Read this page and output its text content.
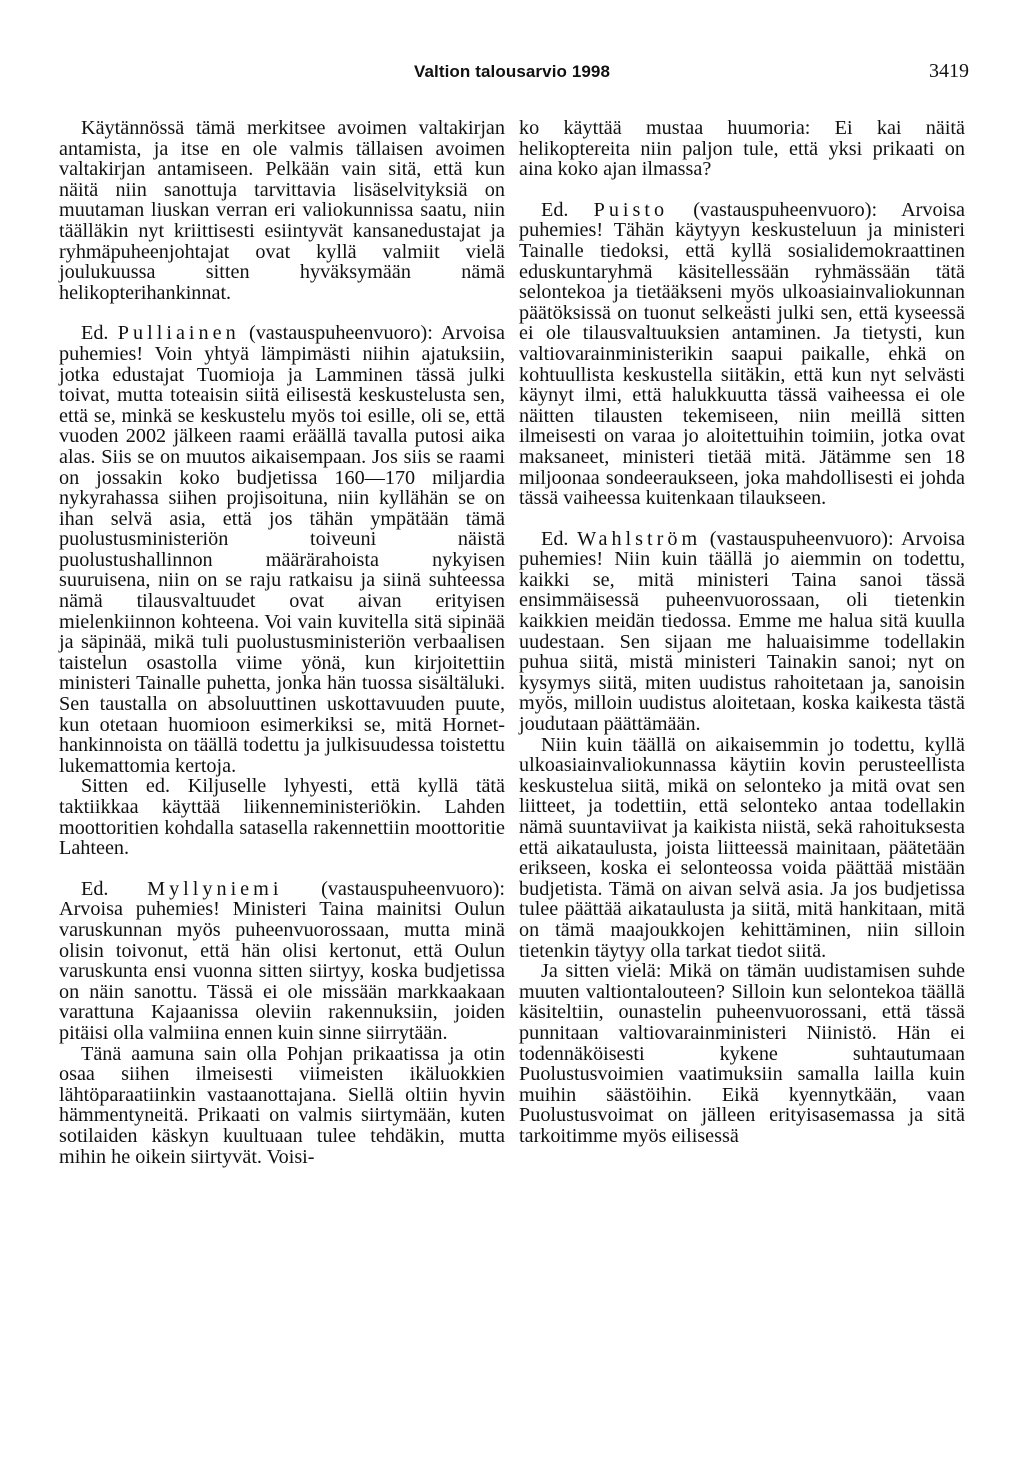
Valtion talousarvio 1998	3419

Käytännössä tämä merkitsee avoimen valtakirjan antamista, ja itse en ole valmis tällaisen avoimen valtakirjan antamiseen. Pelkään vain sitä, että kun näitä niin sanottuja tarvittavia lisäselvityksiä on muutaman liuskan verran eri valiokunnissa saatu, niin täälläkin nyt kriittisesti esiintyvät kansanedustajat ja ryhmäpuheenjohtajat ovat kyllä valmiit vielä joulukuussa sitten hyväksymään nämä helikopterihankinnat.

Ed. Pulliainen (vastauspuheenvuoro): Arvoisa puhemies! Voin yhtyä lämpimästi niihin ajatuksiin, jotka edustajat Tuomioja ja Lamminen tässä julki toivat, mutta toteaisin siitä eilisestä keskustelusta sen, että se, minkä se keskustelu myös toi esille, oli se, että vuoden 2002 jälkeen raami eräällä tavalla putosi aika alas. Siis se on muutos aikaisempaan. Jos siis se raami on jossakin koko budjetissa 160—170 miljardia nykyrahassa siihen projisoituna, niin kyllähän se on ihan selvä asia, että jos tähän ympätään tämä puolustusministeriön toiveuni näistä puolustushallinnon määrärahoista nykyisen suuruisena, niin on se raju ratkaisu ja siinä suhteessa nämä tilausvaltuudet ovat aivan erityisen mielenkiinnon kohteena. Voi vain kuvitella sitä sipinää ja säpinää, mikä tuli puolustusministeriön verbaalisen taistelun osastolla viime yönä, kun kirjoitettiin ministeri Tainalle puhetta, jonka hän tuossa sisältäluki. Sen taustalla on absoluuttinen uskottavuuden puute, kun otetaan huomioon esimerkiksi se, mitä Hornet-hankinnoista on täällä todettu ja julkisuudessa toistettu lukemattomia kertoja.

Sitten ed. Kiljuselle lyhyesti, että kyllä tätä taktiikkaa käyttää liikenneministeriökin. Lahden moottoritien kohdalla satasella rakennettiin moottoritie Lahteen.

Ed. Myllyniemi (vastauspuheenvuoro): Arvoisa puhemies! Ministeri Taina mainitsi Oulun varuskunnan myös puheenvuorossaan, mutta minä olisin toivonut, että hän olisi kertonut, että Oulun varuskunta ensi vuonna sitten siirtyy, koska budjetissa on näin sanottu. Tässä ei ole missään markkaakaan varattuna Kajaanissa oleviin rakennuksiin, joiden pitäisi olla valmiina ennen kuin sinne siirrytään.

Tänä aamuna sain olla Pohjan prikaatissa ja otin osaa siihen ilmeisesti viimeisten ikäluokkien lähtöparaatiinkin vastaanottajana. Siellä oltiin hyvin hämmentyneitä. Prikaati on valmis siirtymään, kuten sotilaiden käskyn kuultuaan tulee tehdäkin, mutta mihin he oikein siirtyvät. Voisi-

ko käyttää mustaa huumoria: Ei kai näitä helikoptereita niin paljon tule, että yksi prikaati on aina koko ajan ilmassa?

Ed. Puisto (vastauspuheenvuoro): Arvoisa puhemies! Tähän käytyyn keskusteluun ja ministeri Tainalle tiedoksi, että kyllä sosialidemokraattinen eduskuntaryhmä käsitellessään ryhmässään tätä selontekoa ja tietääkseni myös ulkoasiainvaliokunnan päätöksissä on tuonut selkeästi julki sen, että kyseessä ei ole tilausvaltuuksien antaminen. Ja tietysti, kun valtiovarainministerikin saapui paikalle, ehkä on kohtuullista keskustella siitäkin, että kun nyt selvästi käynyt ilmi, että halukkuutta tässä vaiheessa ei ole näitten tilausten tekemiseen, niin meillä sitten ilmeisesti on varaa jo aloitettuihin toimiin, jotka ovat maksaneet, ministeri tietää mitä. Jätämme sen 18 miljoonaa sondeeraukseen, joka mahdollisesti ei johda tässä vaiheessa kuitenkaan tilaukseen.

Ed. Wahlström (vastauspuheenvuoro): Arvoisa puhemies! Niin kuin täällä jo aiemmin on todettu, kaikki se, mitä ministeri Taina sanoi tässä ensimmäisessä puheenvuorossaan, oli tietenkin kaikkien meidän tiedossa. Emme me halua sitä kuulla uudestaan. Sen sijaan me haluaisimme todellakin puhua siitä, mistä ministeri Tainakin sanoi; nyt on kysymys siitä, miten uudistus rahoitetaan ja, sanoisin myös, milloin uudistus aloitetaan, koska kaikesta tästä joudutaan päättämään.

Niin kuin täällä on aikaisemmin jo todettu, kyllä ulkoasiainvaliokunnassa käytiin kovin perusteellista keskustelua siitä, mikä on selonteko ja mitä ovat sen liitteet, ja todettiin, että selonteko antaa todellakin nämä suuntaviivat ja kaikista niistä, sekä rahoituksesta että aikataulusta, joista liitteessä mainitaan, päätetään erikseen, koska ei selonteossa voida päättää mistään budjetista. Tämä on aivan selvä asia. Ja jos budjetissa tulee päättää aikataulusta ja siitä, mitä hankitaan, mitä on tämä maajoukkojen kehittäminen, niin silloin tietenkin täytyy olla tarkat tiedot siitä.

Ja sitten vielä: Mikä on tämän uudistamisen suhde muuten valtiontalouteen? Silloin kun selontekoa täällä käsiteltiin, ounastelin puheenvuorossani, että tässä punnitaan valtiovarainministeri Niinistö. Hän ei todennäköisesti kykene suhtautumaan Puolustusvoimien vaatimuksiin samalla lailla kuin muihin säästöihin. Eikä kyennytkään, vaan Puolustusvoimat on jälleen erityisasemassa ja sitä tarkoitimme myös eilisessä
